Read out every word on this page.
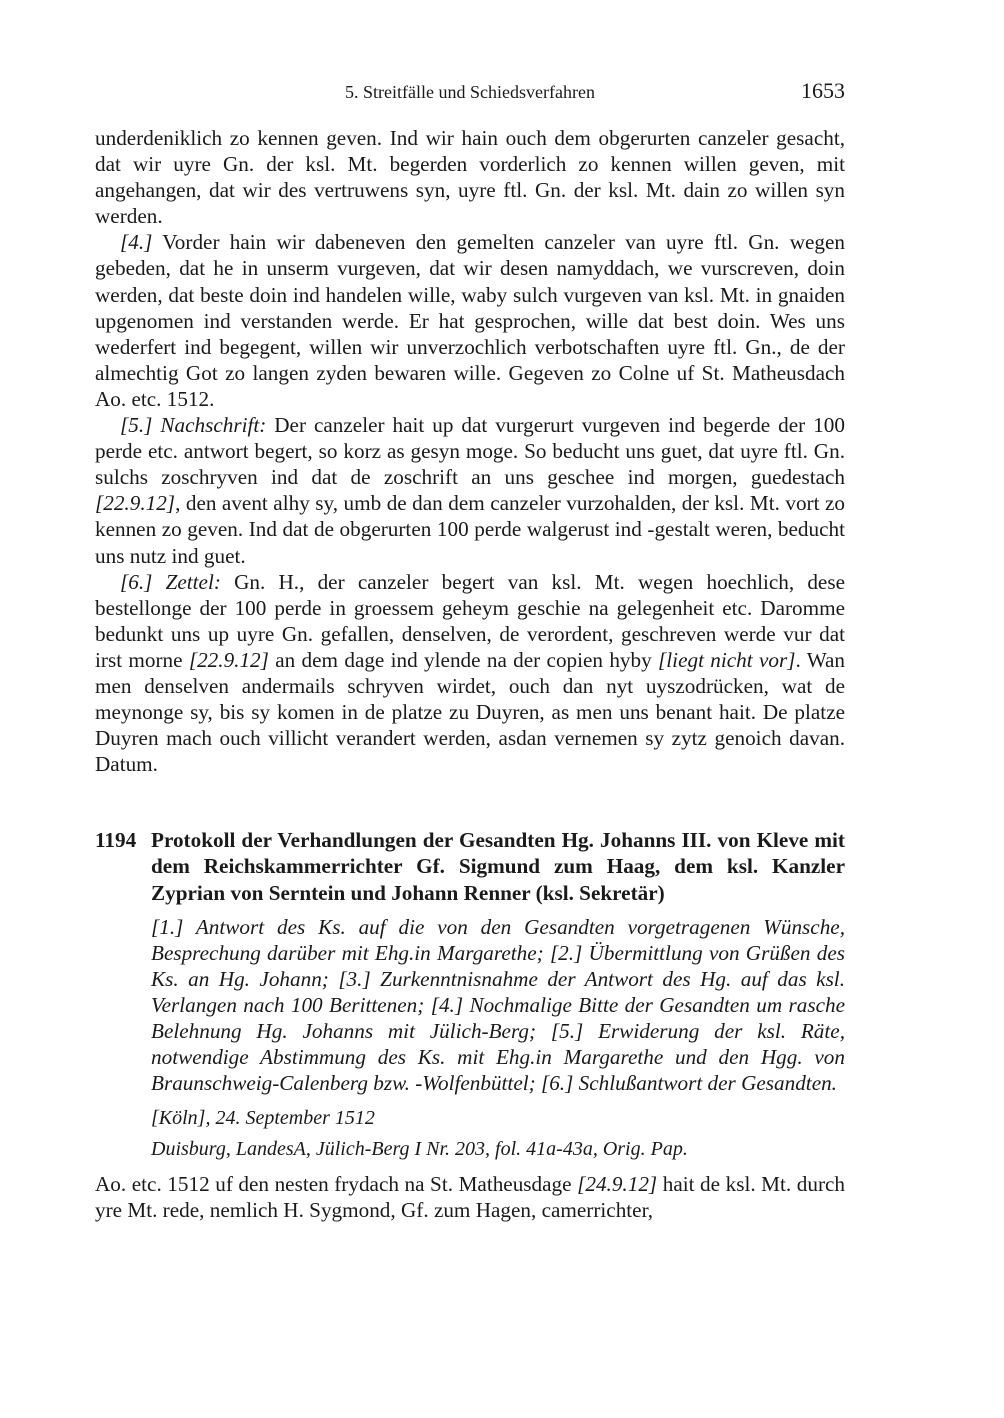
5. Streitfälle und Schiedsverfahren	1653

underdeniklich zo kennen geven. Ind wir hain ouch dem obgerurten canzeler gesacht, dat wir uyre Gn. der ksl. Mt. begerden vorderlich zo kennen willen geven, mit angehangen, dat wir des vertruwens syn, uyre ftl. Gn. der ksl. Mt. dain zo willen syn werden.

[4.] Vorder hain wir dabeneven den gemelten canzeler van uyre ftl. Gn. wegen gebeden, dat he in unserm vurgeven, dat wir desen namyddach, we vurscreven, doin werden, dat beste doin ind handelen wille, waby sulch vurgeven van ksl. Mt. in gnaiden upgenomen ind verstanden werde. Er hat gesprochen, wille dat best doin. Wes uns wederfert ind begegent, willen wir unverzochlich verbotschaften uyre ftl. Gn., de der almechtig Got zo langen zyden bewaren wille. Gegeven zo Colne uf St. Matheusdach Ao. etc. 1512.

[5.] Nachschrift: Der canzeler hait up dat vurgerurt vurgeven ind begerde der 100 perde etc. antwort begert, so korz as gesyn moge. So beducht uns guet, dat uyre ftl. Gn. sulchs zoschryven ind dat de zoschrift an uns geschee ind morgen, guedestach [22.9.12], den avent alhy sy, umb de dan dem canzeler vurzohalden, der ksl. Mt. vort zo kennen zo geven. Ind dat de obgerurten 100 perde walgerust ind -gestalt weren, beducht uns nutz ind guet.

[6.] Zettel: Gn. H., der canzeler begert van ksl. Mt. wegen hoechlich, dese bestellonge der 100 perde in groessem geheym geschie na gelegenheit etc. Daromme bedunkt uns up uyre Gn. gefallen, denselven, de verordent, geschreven werde vur dat irst morne [22.9.12] an dem dage ind ylende na der copien hyby [liegt nicht vor]. Wan men denselven andermails schryven wirdet, ouch dan nyt uyszodrücken, wat de meynonge sy, bis sy komen in de platze zu Duyren, as men uns benant hait. De platze Duyren mach ouch villicht verandert werden, asdan vernemen sy zytz genoich davan. Datum.

1194 Protokoll der Verhandlungen der Gesandten Hg. Johanns III. von Kleve mit dem Reichskammerrichter Gf. Sigmund zum Haag, dem ksl. Kanzler Zyprian von Serntein und Johann Renner (ksl. Sekretär)
[1.] Antwort des Ks. auf die von den Gesandten vorgetragenen Wünsche, Besprechung darüber mit Ehg.in Margarethe; [2.] Übermittlung von Grüßen des Ks. an Hg. Johann; [3.] Zurkenntnisnahme der Antwort des Hg. auf das ksl. Verlangen nach 100 Berittenen; [4.] Nochmalige Bitte der Gesandten um rasche Belehnung Hg. Johanns mit Jülich-Berg; [5.] Erwiderung der ksl. Räte, notwendige Abstimmung des Ks. mit Ehg.in Margarethe und den Hgg. von Braunschweig-Calenberg bzw. -Wolfenbüttel; [6.] Schlußantwort der Gesandten.
[Köln], 24. September 1512
Duisburg, LandesA, Jülich-Berg I Nr. 203, fol. 41a-43a, Orig. Pap.

Ao. etc. 1512 uf den nesten frydach na St. Matheusdage [24.9.12] hait de ksl. Mt. durch yre Mt. rede, nemlich H. Sygmond, Gf. zum Hagen, camerrichter,
